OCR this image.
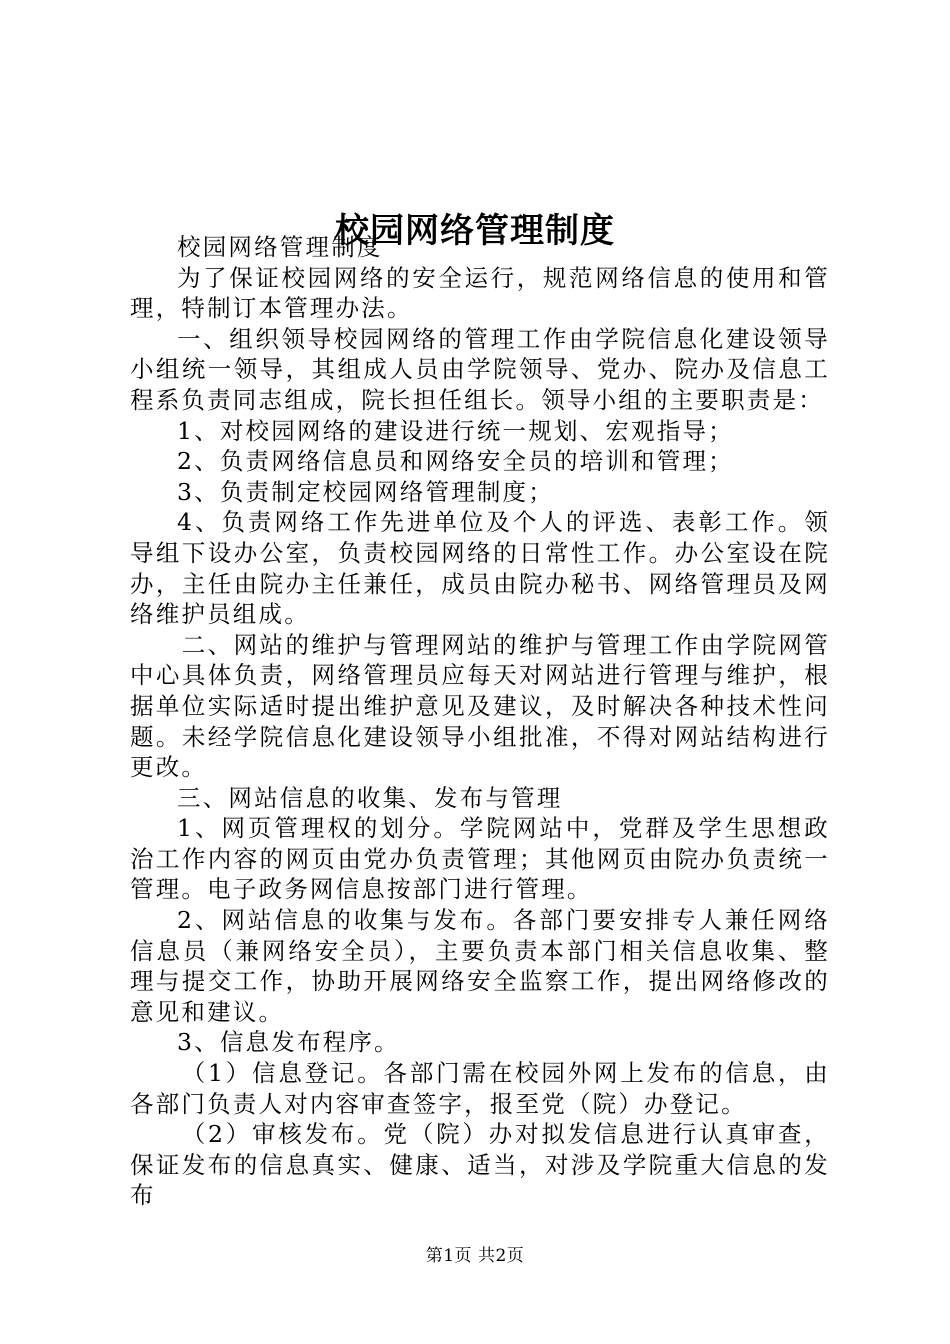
校园网络管理制度

校园网络管理制度

为了保证校园网络的安全运行，规范网络信息的使用和管理，特制订本管理办法。

一、组织领导校园网络的管理工作由学院信息化建设领导小组统一领导，其组成人员由学院领导、党办、院办及信息工程系负责同志组成，院长担任组长。领导小组的主要职责是：

1、对校园网络的建设进行统一规划、宏观指导；

2、负责网络信息员和网络安全员的培训和管理；

3、负责制定校园网络管理制度；

4、负责网络工作先进单位及个人的评选、表彰工作。领导组下设办公室，负责校园网络的日常性工作。办公室设在院办，主任由院办主任兼任，成员由院办秘书、网络管理员及网络维护员组成。

二、网站的维护与管理网站的维护与管理工作由学院网管中心具体负责，网络管理员应每天对网站进行管理与维护，根据单位实际适时提出维护意见及建议，及时解决各种技术性问题。未经学院信息化建设领导小组批准，不得对网站结构进行更改。

三、网站信息的收集、发布与管理

1、网页管理权的划分。学院网站中，党群及学生思想政治工作内容的网页由党办负责管理；其他网页由院办负责统一管理。电子政务网信息按部门进行管理。

2、网站信息的收集与发布。各部门要安排专人兼任网络信息员（兼网络安全员），主要负责本部门相关信息收集、整理与提交工作，协助开展网络安全监察工作，提出网络修改的意见和建议。

3、信息发布程序。

（1）信息登记。各部门需在校园外网上发布的信息，由各部门负责人对内容审查签字，报至党（院）办登记。

（2）审核发布。党（院）办对拟发信息进行认真审查，保证发布的信息真实、健康、适当，对涉及学院重大信息的发布

第1页 共2页
